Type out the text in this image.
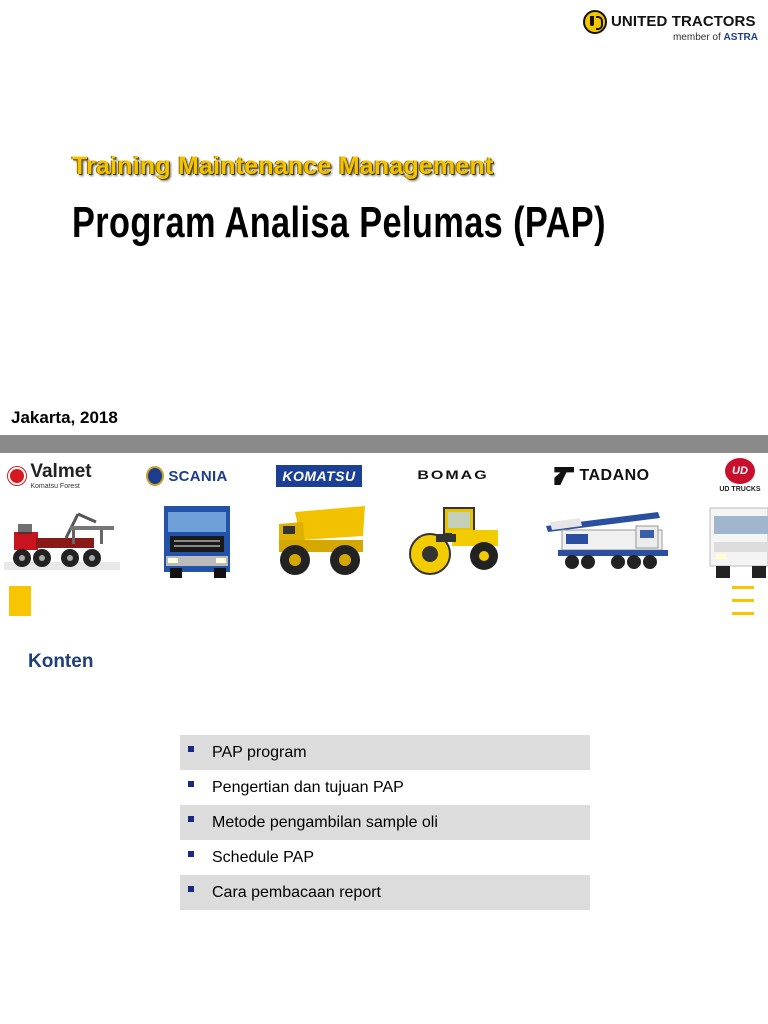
UNITED TRACTORS
member of ASTRA
Training Maintenance Management
Program Analisa Pelumas (PAP)
Jakarta, 2018
Valmet
Komatsu Forest
SCANIA	KOMATSU	BOMAG	TADANO	UD
UD TRUCKS
Konten
PAP program
Pengertian dan tujuan PAP
Metode pengambilan sample oli
Schedule PAP
Cara pembacaan report
